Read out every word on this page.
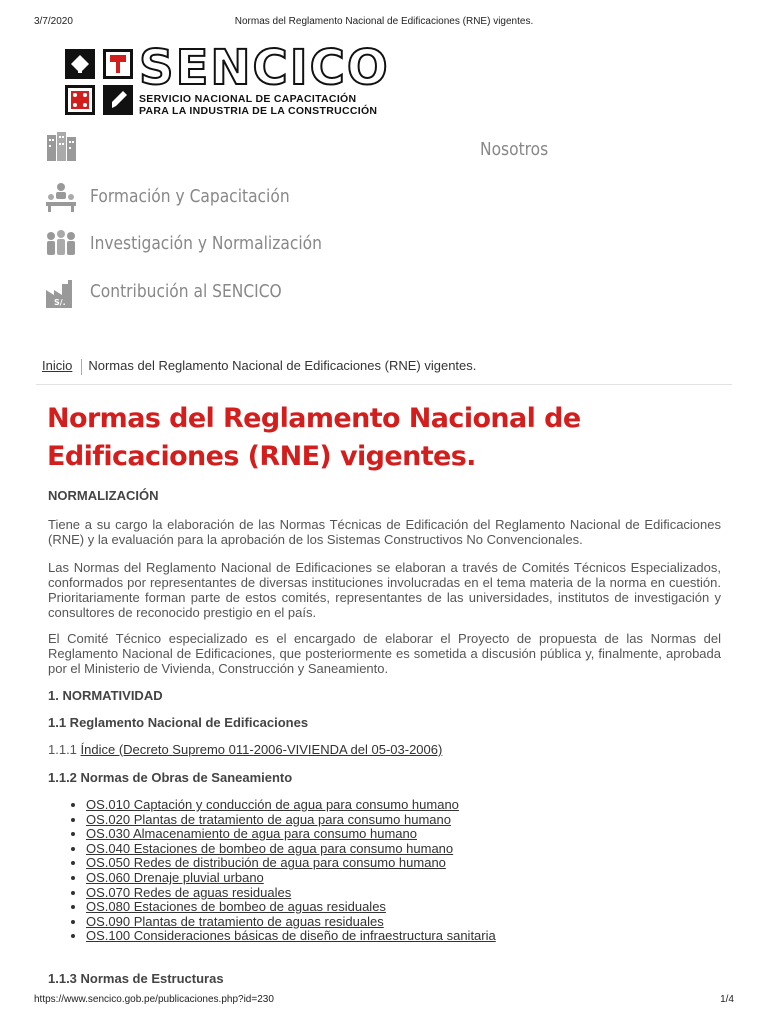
3/7/2020	Normas del Reglamento Nacional de Edificaciones (RNE) vigentes.
SENCICO
SERVICIO NACIONAL DE CAPACITACIÓN
PARA LA INDUSTRIA DE LA CONSTRUCCIÓN
Nosotros
Formación y Capacitación
Investigación y Normalización
S/.
Contribución al SENCICO
Inicio Normas del Reglamento Nacional de Edificaciones (RNE) vigentes.
Normas del Reglamento Nacional de Edificaciones (RNE) vigentes.
NORMALIZACIÓN

Tiene a su cargo la elaboración de las Normas Técnicas de Edificación del Reglamento Nacional de Edificaciones (RNE) y la evaluación para la aprobación de los Sistemas Constructivos No Convencionales.

Las Normas del Reglamento Nacional de Edificaciones se elaboran a través de Comités Técnicos Especializados, conformados por representantes de diversas instituciones involucradas en el tema materia de la norma en cuestión. Prioritariamente forman parte de estos comités, representantes de las universidades, institutos de investigación y consultores de reconocido prestigio en el país.

El Comité Técnico especializado es el encargado de elaborar el Proyecto de propuesta de las Normas del Reglamento Nacional de Edificaciones, que posteriormente es sometida a discusión pública y, finalmente, aprobada por el Ministerio de Vivienda, Construcción y Saneamiento.

1. NORMATIVIDAD
1.1 Reglamento Nacional de Edificaciones
1.1.1 Índice (Decreto Supremo 011-2006-VIVIENDA del 05-03-2006)
1.1.2 Normas de Obras de Saneamiento
• OS.010 Captación y conducción de agua para consumo humano
• OS.020 Plantas de tratamiento de agua para consumo humano
• OS.030 Almacenamiento de agua para consumo humano
• OS.040 Estaciones de bombeo de agua para consumo humano
• OS.050 Redes de distribución de agua para consumo humano
• OS.060 Drenaje pluvial urbano
• OS.070 Redes de aguas residuales
• OS.080 Estaciones de bombeo de aguas residuales
• OS.090 Plantas de tratamiento de aguas residuales
• OS.100 Consideraciones básicas de diseño de infraestructura sanitaria
1.1.3 Normas de Estructuras
https://www.sencico.gob.pe/publicaciones.php?id=230	1/4
